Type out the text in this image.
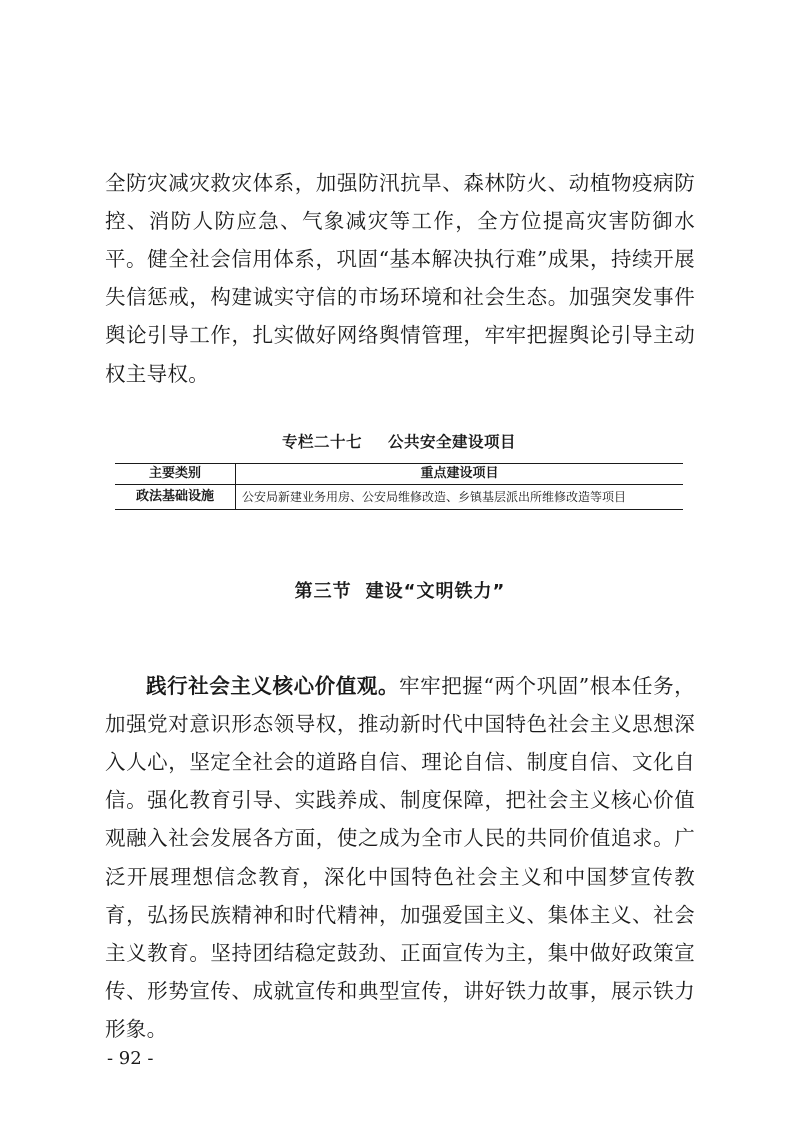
全防灾减灾救灾体系，加强防汛抗旱、森林防火、动植物疫病防控、消防人防应急、气象减灾等工作，全方位提高灾害防御水平。健全社会信用体系，巩固“基本解决执行难”成果，持续开展失信惩戒，构建诚实守信的市场环境和社会生态。加强突发事件舆论引导工作，扎实做好网络舆情管理，牢牢把握舆论引导主动权主导权。

专栏二十七 公共安全建设项目
主要类别	重点建设项目
政法基础设施	公安局新建业务用房、公安局维修改造、乡镇基层派出所维修改造等项目
第三节 建设“文明铁力”

践行社会主义核心价值观。牢牢把握“两个巩固”根本任务，加强党对意识形态领导权，推动新时代中国特色社会主义思想深入人心，坚定全社会的道路自信、理论自信、制度自信、文化自信。强化教育引导、实践养成、制度保障，把社会主义核心价值观融入社会发展各方面，使之成为全市人民的共同价值追求。广泛开展理想信念教育，深化中国特色社会主义和中国梦宣传教育，弘扬民族精神和时代精神，加强爱国主义、集体主义、社会主义教育。坚持团结稳定鼓劲、正面宣传为主，集中做好政策宣传、形势宣传、成就宣传和典型宣传，讲好铁力故事，展示铁力形象。

- 92 -
